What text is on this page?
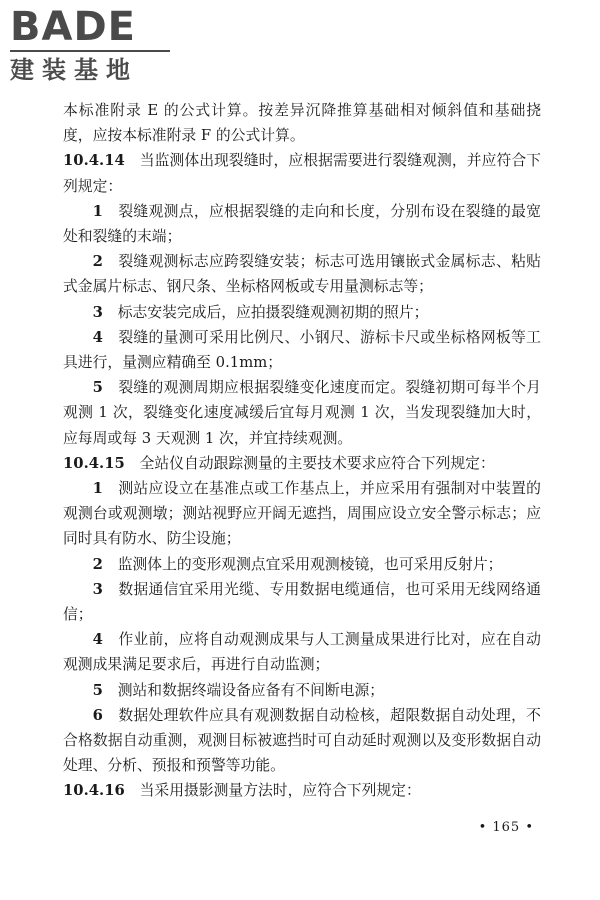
BADE
建装基地

本标准附录 E 的公式计算。按差异沉降推算基础相对倾斜值和基础挠度，应按本标准附录 F 的公式计算。

10.4.14　 当监测体出现裂缝时，应根据需要进行裂缝观测，并应符合下列规定：

1　 裂缝观测点，应根据裂缝的走向和长度，分别布设在裂缝的最宽处和裂缝的末端；

2　 裂缝观测标志应跨裂缝安装；标志可选用镶嵌式金属标志、粘贴式金属片标志、钢尺条、坐标格网板或专用量测标志等；

3　 标志安装完成后，应拍摄裂缝观测初期的照片；

4　 裂缝的量测可采用比例尺、小钢尺、游标卡尺或坐标格网板等工具进行，量测应精确至 0.1mm；

5　 裂缝的观测周期应根据裂缝变化速度而定。裂缝初期可每半个月观测 1 次，裂缝变化速度减缓后宜每月观测 1 次，当发现裂缝加大时，应每周或每 3 天观测 1 次，并宜持续观测。

10.4.15　 全站仪自动跟踪测量的主要技术要求应符合下列规定：

1　 测站应设立在基准点或工作基点上，并应采用有强制对中装置的观测台或观测墩；测站视野应开阔无遮挡，周围应设立安全警示标志；应同时具有防水、防尘设施；

2　 监测体上的变形观测点宜采用观测棱镜，也可采用反射片；

3　 数据通信宜采用光缆、专用数据电缆通信，也可采用无线网络通信；

4　 作业前，应将自动观测成果与人工测量成果进行比对，应在自动观测成果满足要求后，再进行自动监测；

5　 测站和数据终端设备应备有不间断电源；

6　 数据处理软件应具有观测数据自动检核，超限数据自动处理，不合格数据自动重测，观测目标被遮挡时可自动延时观测以及变形数据自动处理、分析、预报和预警等功能。

10.4.16　 当采用摄影测量方法时，应符合下列规定：

• 165 •
